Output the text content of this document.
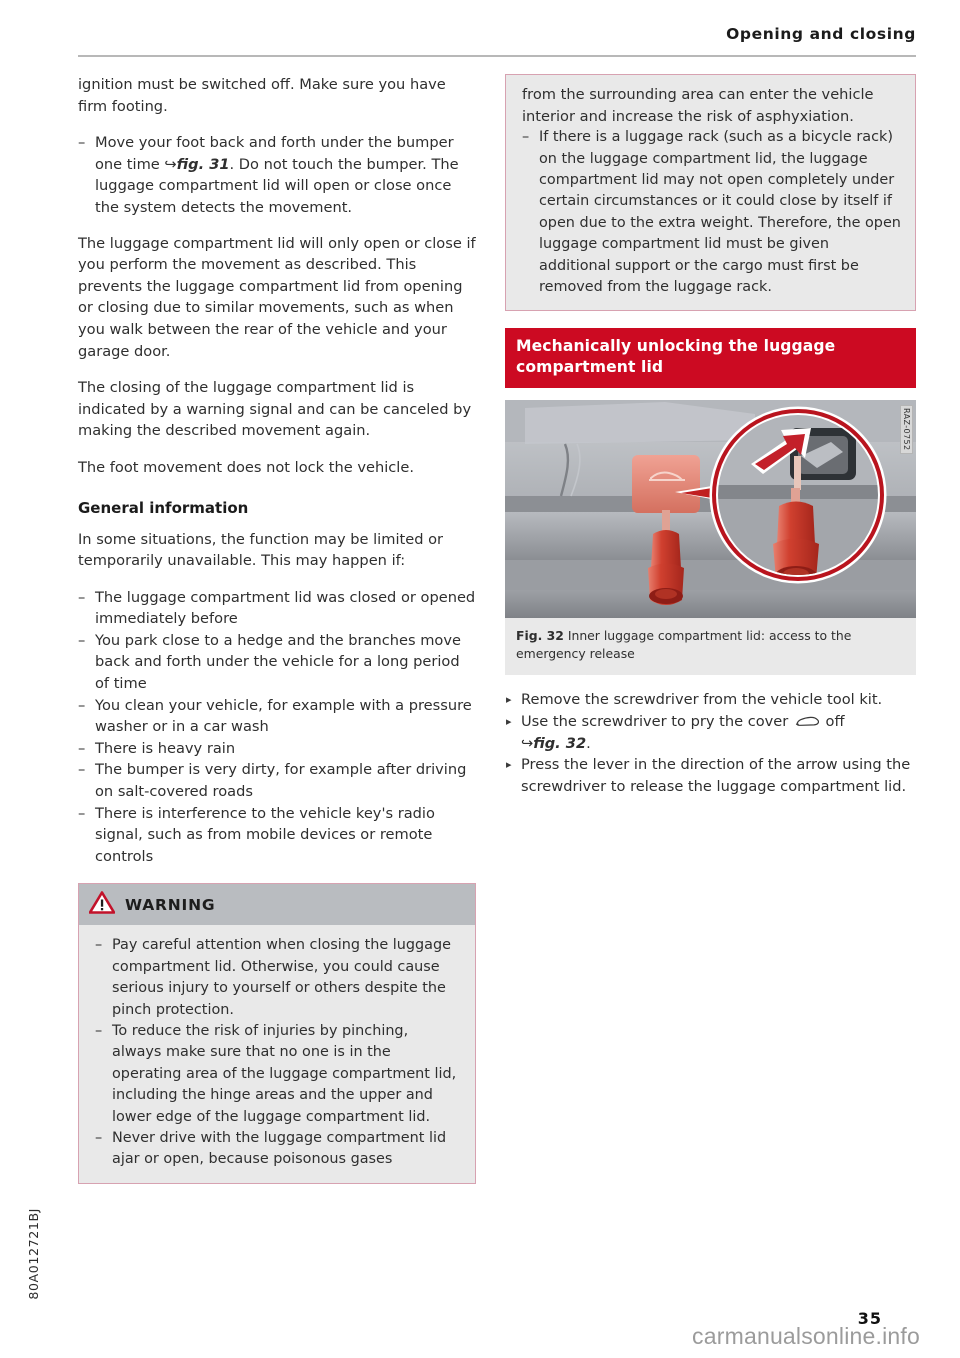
Opening and closing

ignition must be switched off. Make sure you have firm footing.

– Move your foot back and forth under the bumper one time ↪fig. 31. Do not touch the bumper. The luggage compartment lid will open or close once the system detects the movement.

The luggage compartment lid will only open or close if you perform the movement as described. This prevents the luggage compartment lid from opening or closing due to similar movements, such as when you walk between the rear of the vehicle and your garage door.

The closing of the luggage compartment lid is indicated by a warning signal and can be canceled by making the described movement again.

The foot movement does not lock the vehicle.

General information

In some situations, the function may be limited or temporarily unavailable. This may happen if:

– The luggage compartment lid was closed or opened immediately before
– You park close to a hedge and the branches move back and forth under the vehicle for a long period of time
– You clean your vehicle, for example with a pressure washer or in a car wash
– There is heavy rain
– The bumper is very dirty, for example after driving on salt-covered roads
– There is interference to the vehicle key's radio signal, such as from mobile devices or remote controls
WARNING
– Pay careful attention when closing the luggage compartment lid. Otherwise, you could cause serious injury to yourself or others despite the pinch protection.
– To reduce the risk of injuries by pinching, always make sure that no one is in the operating area of the luggage compartment lid, including the hinge areas and the upper and lower edge of the luggage compartment lid.
– Never drive with the luggage compartment lid ajar or open, because poisonous gases

from the surrounding area can enter the vehicle interior and increase the risk of asphyxiation.

– If there is a luggage rack (such as a bicycle rack) on the luggage compartment lid, the luggage compartment lid may not open completely under certain circumstances or it could close by itself if open due to the extra weight. Therefore, the open luggage compartment lid must be given additional support or the cargo must first be removed from the luggage rack.
Mechanically unlocking the luggage compartment lid
RAZ-0752
Fig. 32 Inner luggage compartment lid: access to the emergency release
▸ Remove the screwdriver from the vehicle tool kit.
▸ Use the screwdriver to pry the cover  off
↪fig. 32.
▸ Press the lever in the direction of the arrow using the screwdriver to release the luggage compartment lid.
80A012721BJ
35
carmanualsonline.info
